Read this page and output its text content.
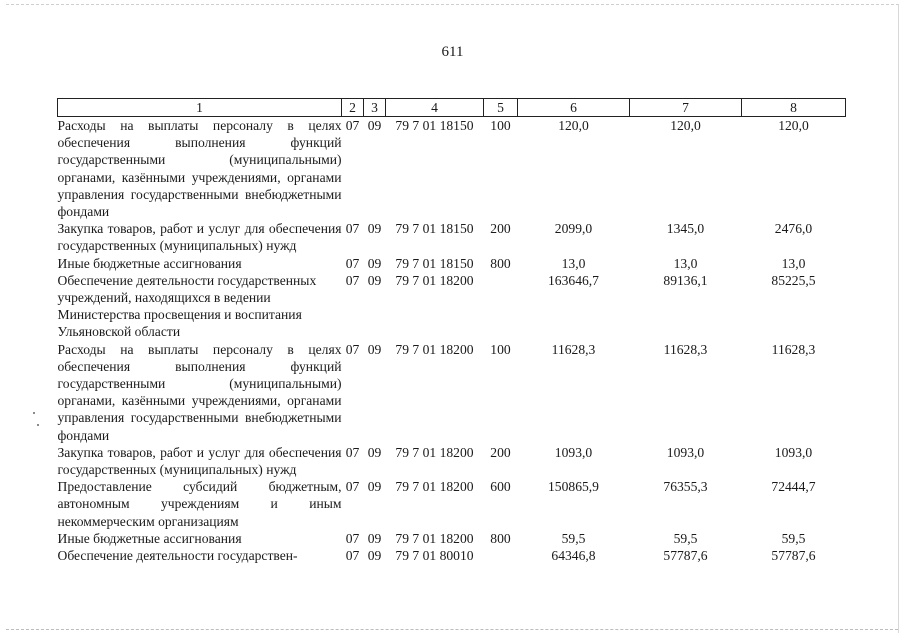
611
1	2	3	4	5	6	7	8
Расходы на выплаты персоналу в целях обеспечения выполнения функций государственными (муниципальными) органами, казёнными учреждениями, органами управления государственными внебюджетными фондами	07	09	79 7 01 18150	100	120,0	120,0	120,0
Закупка товаров, работ и услуг для обеспечения государственных (муниципальных) нужд	07	09	79 7 01 18150	200	2099,0	1345,0	2476,0
Иные бюджетные ассигнования	07	09	79 7 01 18150	800	13,0	13,0	13,0
Обеспечение деятельности государственных учреждений, находящихся в ведении Министерства просвещения и воспитания Ульяновской области	07	09	79 7 01 18200		163646,7	89136,1	85225,5
Расходы на выплаты персоналу в целях обеспечения выполнения функций государственными (муниципальными) органами, казёнными учреждениями, органами управления государственными внебюджетными фондами	07	09	79 7 01 18200	100	11628,3	11628,3	11628,3
Закупка товаров, работ и услуг для обеспечения государственных (муниципальных) нужд	07	09	79 7 01 18200	200	1093,0	1093,0	1093,0
Предоставление субсидий бюджетным, автономным учреждениям и иным некоммерческим организациям	07	09	79 7 01 18200	600	150865,9	76355,3	72444,7
Иные бюджетные ассигнования	07	09	79 7 01 18200	800	59,5	59,5	59,5
Обеспечение деятельности государствен-	07	09	79 7 01 80010		64346,8	57787,6	57787,6
